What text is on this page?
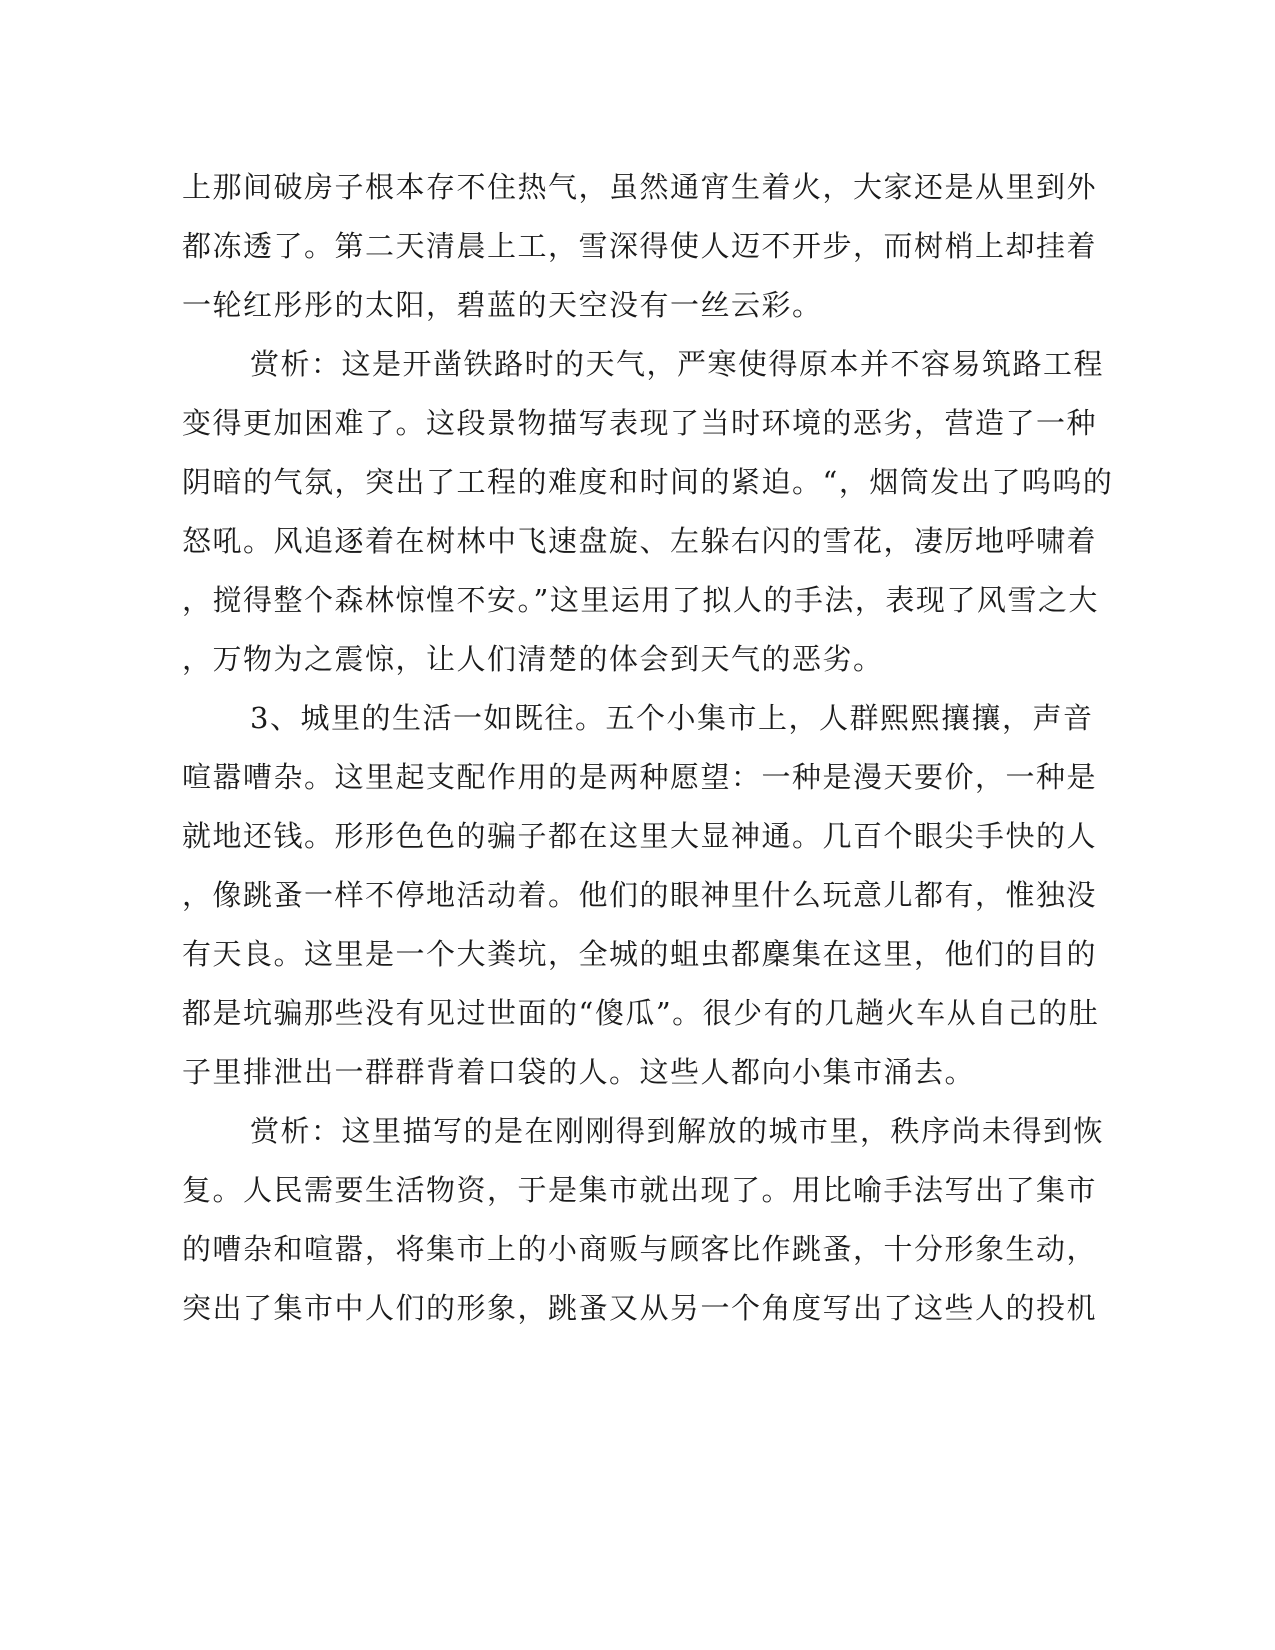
上那间破房子根本存不住热气，虽然通宵生着火，大家还是从里到外
都冻透了。第二天清晨上工，雪深得使人迈不开步，而树梢上却挂着
一轮红彤彤的太阳，碧蓝的天空没有一丝云彩。
赏析：这是开凿铁路时的天气，严寒使得原本并不容易筑路工程
变得更加困难了。这段景物描写表现了当时环境的恶劣，营造了一种
阴暗的气氛，突出了工程的难度和时间的紧迫。“，烟筒发出了呜呜的
怒吼。风追逐着在树林中飞速盘旋、左躲右闪的雪花，凄厉地呼啸着
，搅得整个森林惊惶不安。”这里运用了拟人的手法，表现了风雪之大
，万物为之震惊，让人们清楚的体会到天气的恶劣。
3、城里的生活一如既往。五个小集市上，人群熙熙攘攘，声音
喧嚣嘈杂。这里起支配作用的是两种愿望：一种是漫天要价，一种是
就地还钱。形形色色的骗子都在这里大显神通。几百个眼尖手快的人
，像跳蚤一样不停地活动着。他们的眼神里什么玩意儿都有，惟独没
有天良。这里是一个大粪坑，全城的蛆虫都麇集在这里，他们的目的
都是坑骗那些没有见过世面的“傻瓜”。很少有的几趟火车从自己的肚
子里排泄出一群群背着口袋的人。这些人都向小集市涌去。
赏析：这里描写的是在刚刚得到解放的城市里，秩序尚未得到恢
复。人民需要生活物资，于是集市就出现了。用比喻手法写出了集市
的嘈杂和喧嚣，将集市上的小商贩与顾客比作跳蚤，十分形象生动，
突出了集市中人们的形象，跳蚤又从另一个角度写出了这些人的投机
